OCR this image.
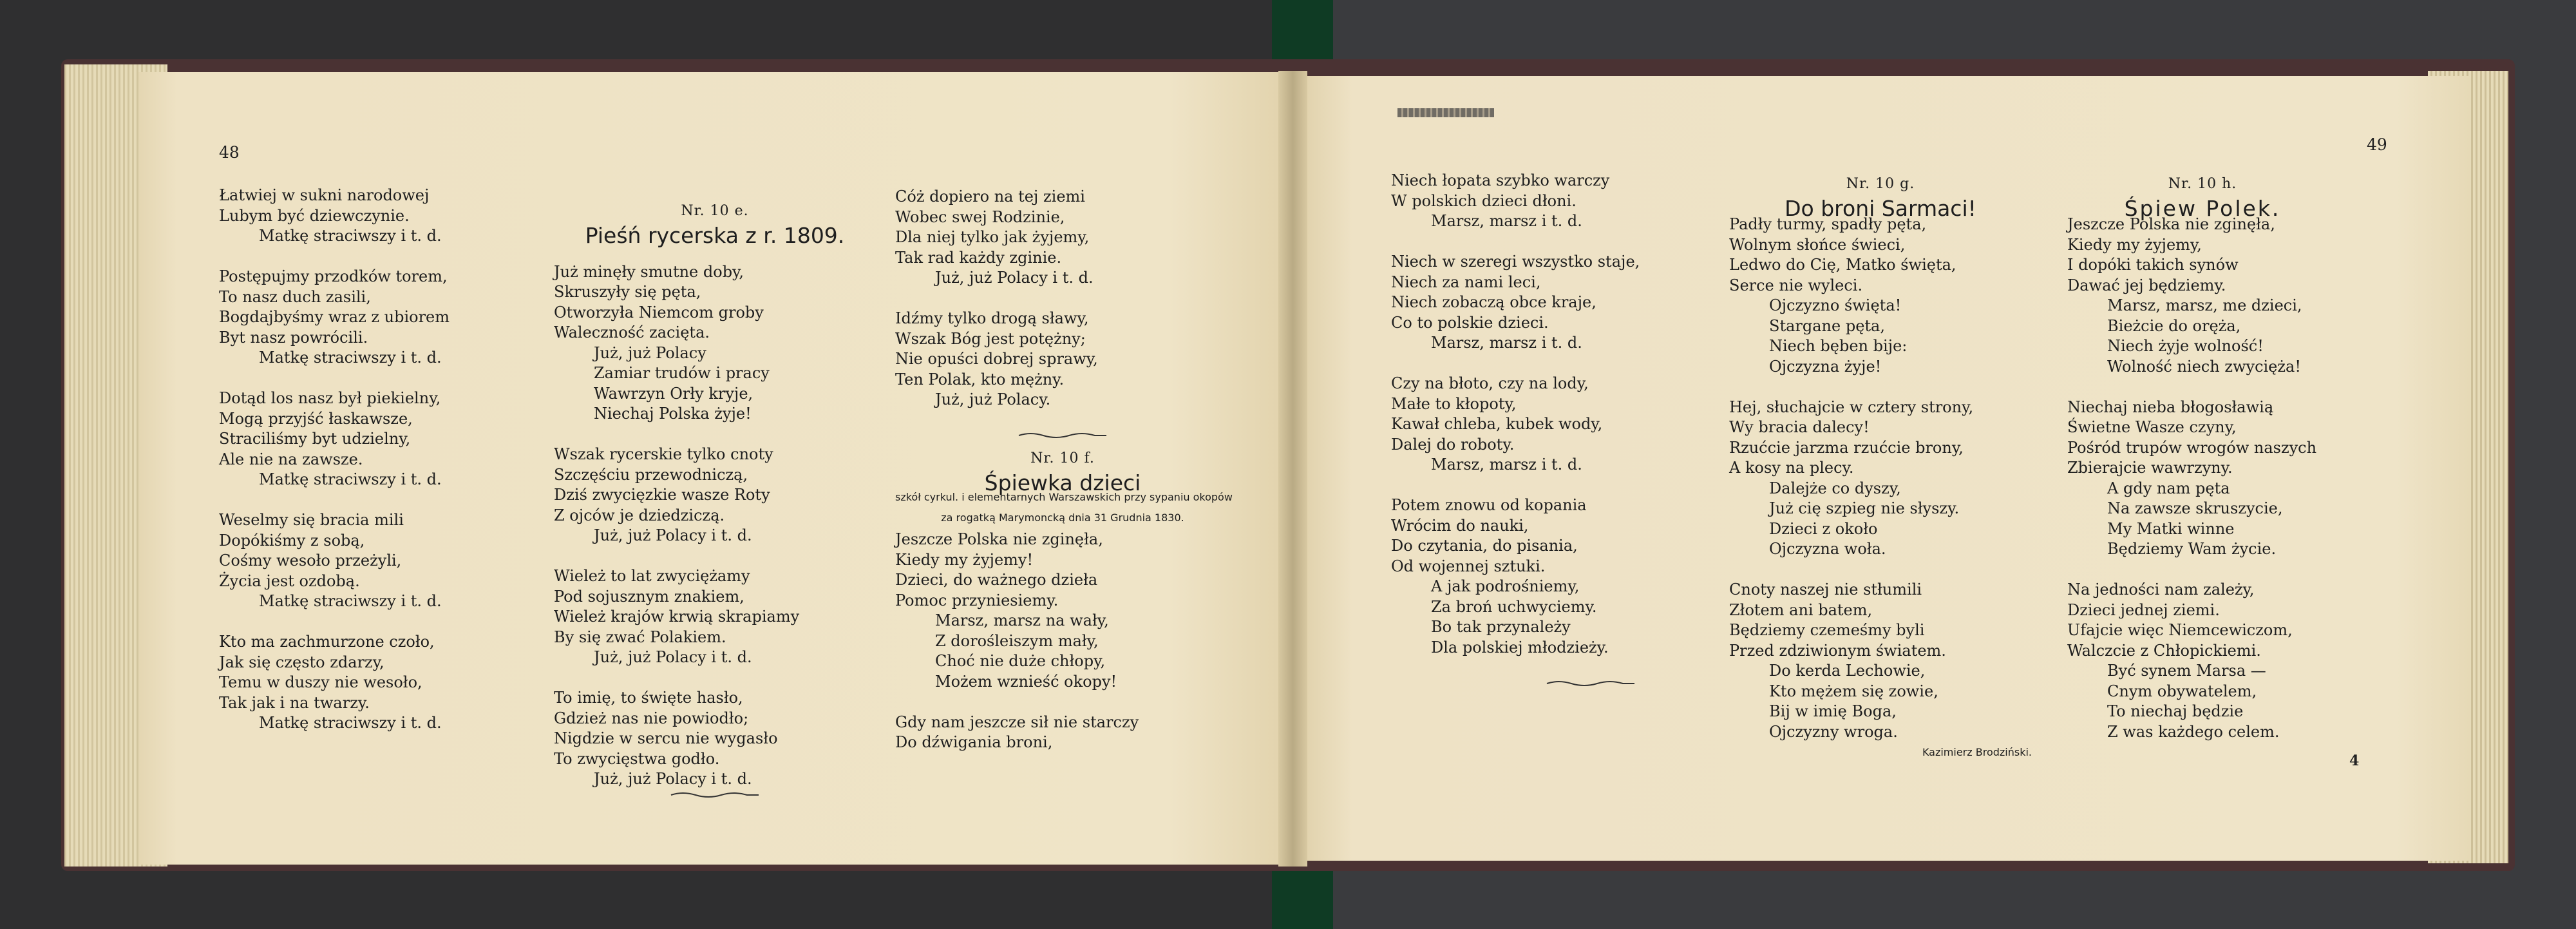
48
Łatwiej w sukni narodowej
Lubym być dziewczynie.
Matkę straciwszy i t. d.
Postępujmy przodków torem,
To nasz duch zasili,
Bogdajbyśmy wraz z ubiorem
Byt nasz powrócili.
Matkę straciwszy i t. d.
Dotąd los nasz był piekielny,
Mogą przyjść łaskawsze,
Straciliśmy byt udzielny,
Ale nie na zawsze.
Matkę straciwszy i t. d.
Weselmy się bracia mili
Dopókiśmy z sobą,
Cośmy wesoło przeżyli,
Życia jest ozdobą.
Matkę straciwszy i t. d.
Kto ma zachmurzone czoło,
Jak się często zdarzy,
Temu w duszy nie wesoło,
Tak jak i na twarzy.
Matkę straciwszy i t. d.
Nr. 10 e.
Pieśń rycerska z r. 1809.
Już minęły smutne doby,
Skruszyły się pęta,
Otworzyła Niemcom groby
Waleczność zacięta.
Już, już Polacy
Zamiar trudów i pracy
Wawrzyn Orły kryje,
Niechaj Polska żyje!
Wszak rycerskie tylko cnoty
Szczęściu przewodniczą,
Dziś zwycięzkie wasze Roty
Z ojców je dziedziczą.
Już, już Polacy i t. d.
Wieleż to lat zwyciężamy
Pod sojusznym znakiem,
Wieleż krajów krwią skrapiamy
By się zwać Polakiem.
Już, już Polacy i t. d.
To imię, to święte hasło,
Gdzież nas nie powiodło;
Nigdzie w sercu nie wygasło
To zwycięstwa godło.
Już, już Polacy i t. d.
Cóż dopiero na tej ziemi
Wobec swej Rodzinie,
Dla niej tylko jak żyjemy,
Tak rad każdy zginie.
Już, już Polacy i t. d.
Idźmy tylko drogą sławy,
Wszak Bóg jest potężny;
Nie opuści dobrej sprawy,
Ten Polak, kto mężny.
Już, już Polacy.
Nr. 10 f.
Śpiewka dzieci
szkół cyrkul. i elementarnych Warszawskich przy sypaniu okopów
za rogatką Marymoncką dnia 31 Grudnia 1830.
Jeszcze Polska nie zginęła,
Kiedy my żyjemy!
Dzieci, do ważnego dzieła
Pomoc przyniesiemy.
Marsz, marsz na wały,
Z dorośleiszym mały,
Choć nie duże chłopy,
Możem wznieść okopy!
Gdy nam jeszcze sił nie starczy
Do dźwigania broni,
49
Niech łopata szybko warczy
W polskich dzieci dłoni.
Marsz, marsz i t. d.
Niech w szeregi wszystko staje,
Niech za nami leci,
Niech zobaczą obce kraje,
Co to polskie dzieci.
Marsz, marsz i t. d.
Czy na błoto, czy na lody,
Małe to kłopoty,
Kawał chleba, kubek wody,
Dalej do roboty.
Marsz, marsz i t. d.
Potem znowu od kopania
Wrócim do nauki,
Do czytania, do pisania,
Od wojennej sztuki.
A jak podrośniemy,
Za broń uchwyciemy.
Bo tak przynależy
Dla polskiej młodzieży.
Nr. 10 g.
Do broni Sarmaci!
Padły turmy, spadły pęta,
Wolnym słońce świeci,
Ledwo do Cię, Matko święta,
Serce nie wyleci.
Ojczyzno święta!
Stargane pęta,
Niech bęben bije:
Ojczyzna żyje!
Hej, słuchajcie w cztery strony,
Wy bracia dalecy!
Rzućcie jarzma rzućcie brony,
A kosy na plecy.
Dalejże co dyszy,
Już cię szpieg nie słyszy.
Dzieci z około
Ojczyzna woła.
Cnoty naszej nie stłumili
Złotem ani batem,
Będziemy czemeśmy byli
Przed zdziwionym światem.
Do kerda Lechowie,
Kto mężem się zowie,
Bij w imię Boga,
Ojczyzny wroga.
Kazimierz Brodziński.
Nr. 10 h.
Śpiew Polek.
Jeszcze Polska nie zginęła,
Kiedy my żyjemy,
I dopóki takich synów
Dawać jej będziemy.
Marsz, marsz, me dzieci,
Bieżcie do oręża,
Niech żyje wolność!
Wolność niech zwycięża!
Niechaj nieba błogosławią
Świetne Wasze czyny,
Pośród trupów wrogów naszych
Zbierajcie wawrzyny.
A gdy nam pęta
Na zawsze skruszycie,
My Matki winne
Będziemy Wam życie.
Na jedności nam zależy,
Dzieci jednej ziemi.
Ufajcie więc Niemcewiczom,
Walczcie z Chłopickiemi.
Być synem Marsa —
Cnym obywatelem,
To niechaj będzie
Z was każdego celem.
4
